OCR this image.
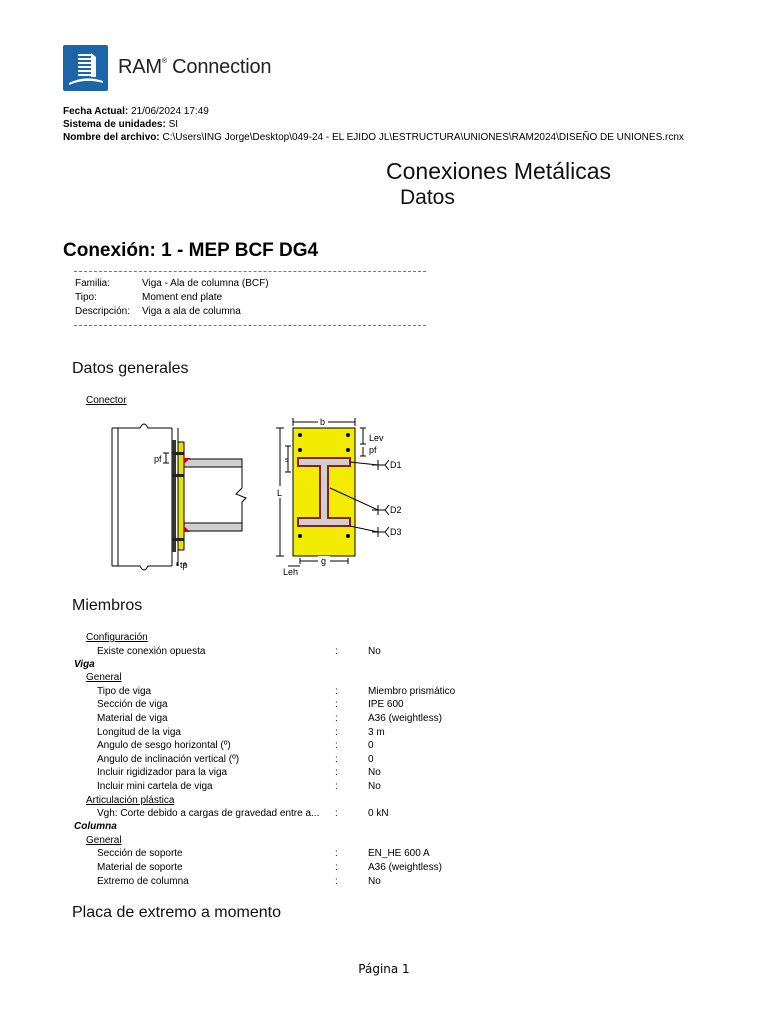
RAM® Connection
Fecha Actual: 21/06/2024 17:49
Sistema de unidades: SI
Nombre del archivo: C:\Users\ING Jorge\Desktop\049-24 - EL EJIDO JL\ESTRUCTURA\UNIONES\RAM2024\DISEÑO DE UNIONES.rcnx
Conexiones Metálicas
Datos
Conexión: 1 - MEP BCF DG4
Familia:	Viga - Ala de columna (BCF)
Tipo:	Moment end plate
Descripción: Viga a ala de columna
Datos generales
Conector
pf
tp
b
L
s
Lev
pf
D1
D2
D3
g
Leh
Miembros
Configuración
Existe conexión opuesta	:	No
Viga
General
Tipo de viga	:	Miembro prismático
Sección de viga	:	IPE 600
Material de viga	:	A36 (weightless)
Longitud de la viga	:	3 m
Angulo de sesgo horizontal (º)	:	0
Angulo de inclinación vertical (º)	:	0
Incluir rigidizador para la viga	:	No
Incluir mini cartela de viga	:	No
Articulación plástica
Vgh: Corte debido a cargas de gravedad entre a... :	0 kN
Columna
General
Sección de soporte	:	EN_HE 600 A
Material de soporte	:	A36 (weightless)
Extremo de columna	:	No
Placa de extremo a momento
Página 1
